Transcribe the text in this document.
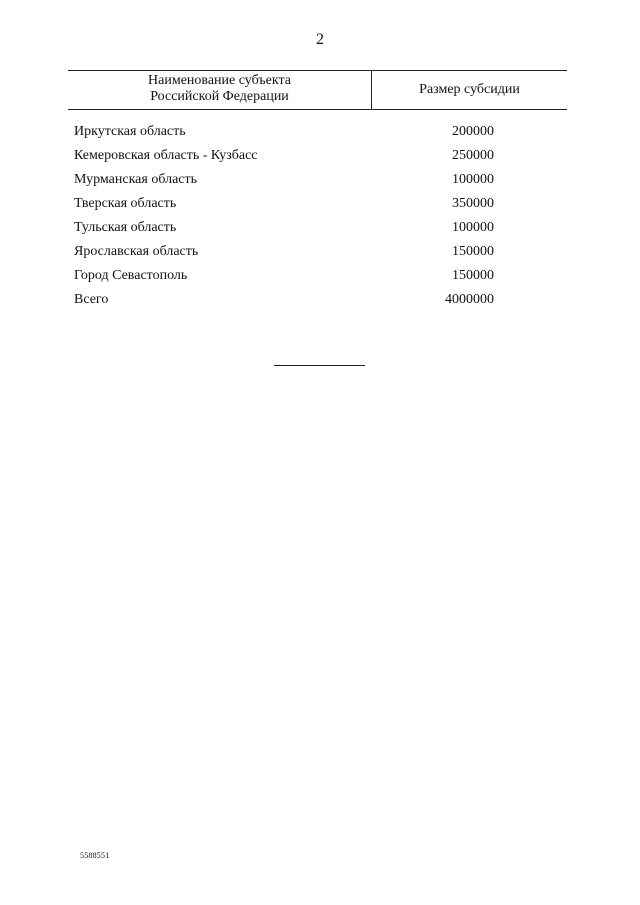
2
Наименование субъекта
Российской Федерации	Размер субсидии
Иркутская область	200000
Кемеровская область - Кузбасс	250000
Мурманская область	100000
Тверская область	350000
Тульская область	100000
Ярославская область	150000
Город Севастополь	150000
Всего	4000000
5588551
